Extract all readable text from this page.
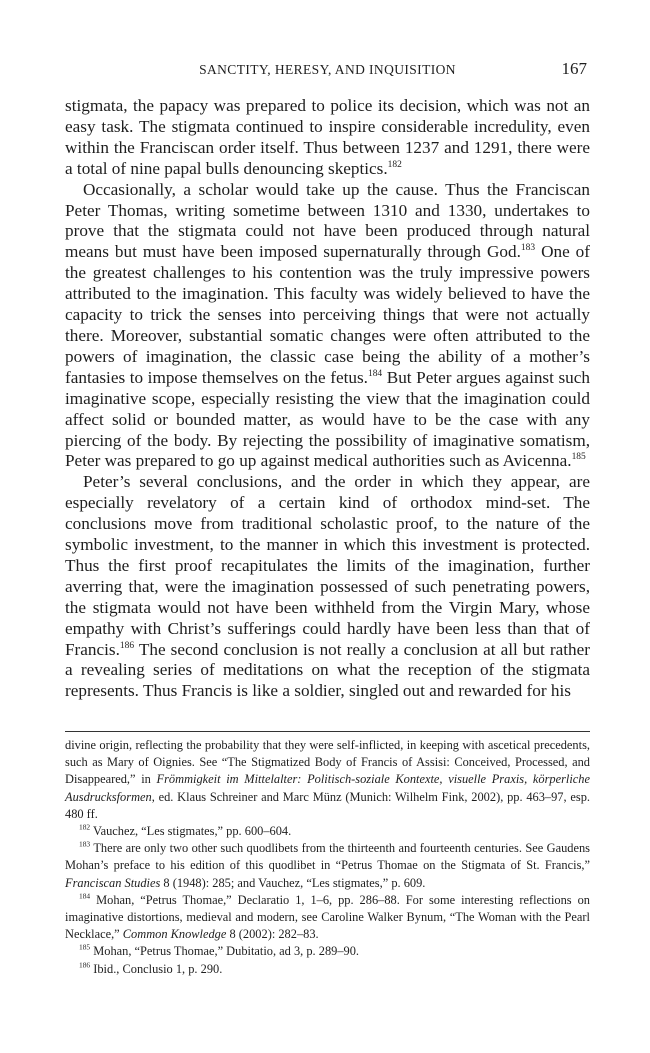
SANCTITY, HERESY, AND INQUISITION	167

stigmata, the papacy was prepared to police its decision, which was not an easy task. The stigmata continued to inspire considerable incredulity, even within the Franciscan order itself. Thus between 1237 and 1291, there were a total of nine papal bulls denouncing skeptics.$^{182}$

Occasionally, a scholar would take up the cause. Thus the Franciscan Peter Thomas, writing sometime between 1310 and 1330, undertakes to prove that the stigmata could not have been produced through natural means but must have been imposed supernaturally through God.$^{183}$ One of the greatest challenges to his contention was the truly impressive powers attributed to the imagination. This faculty was widely believed to have the capacity to trick the senses into perceiving things that were not actually there. Moreover, substantial somatic changes were often attributed to the powers of imagination, the classic case being the ability of a mother’s fantasies to impose themselves on the fetus.$^{184}$ But Peter argues against such imaginative scope, especially resisting the view that the imagination could affect solid or bounded matter, as would have to be the case with any piercing of the body. By rejecting the possibility of imaginative somatism, Peter was prepared to go up against medical authorities such as Avicenna.$^{185}$

Peter’s several conclusions, and the order in which they appear, are especially revelatory of a certain kind of orthodox mind-set. The conclusions move from traditional scholastic proof, to the nature of the symbolic investment, to the manner in which this investment is protected. Thus the first proof recapitulates the limits of the imagination, further averring that, were the imagination possessed of such penetrating powers, the stigmata would not have been withheld from the Virgin Mary, whose empathy with Christ’s sufferings could hardly have been less than that of Francis.$^{186}$ The second conclusion is not really a conclusion at all but rather a revealing series of meditations on what the reception of the stigmata represents. Thus Francis is like a soldier, singled out and rewarded for his

divine origin, reflecting the probability that they were self-inflicted, in keeping with ascetical precedents, such as Mary of Oignies. See “The Stigmatized Body of Francis of Assisi: Conceived, Processed, and Disappeared,” in Frömmigkeit im Mittelalter: Politisch-soziale Kontexte, visuelle Praxis, körperliche Ausdrucksformen, ed. Klaus Schreiner and Marc Münz (Munich: Wilhelm Fink, 2002), pp. 463–97, esp. 480 ff.

$^{182}$ Vauchez, “Les stigmates,” pp. 600–604.

$^{183}$ There are only two other such quodlibets from the thirteenth and fourteenth centuries. See Gaudens Mohan’s preface to his edition of this quodlibet in “Petrus Thomae on the Stigmata of St. Francis,” Franciscan Studies 8 (1948): 285; and Vauchez, “Les stigmates,” p. 609.

$^{184}$ Mohan, “Petrus Thomae,” Declaratio 1, 1–6, pp. 286–88. For some interesting reflections on imaginative distortions, medieval and modern, see Caroline Walker Bynum, “The Woman with the Pearl Necklace,” Common Knowledge 8 (2002): 282–83.

$^{185}$ Mohan, “Petrus Thomae,” Dubitatio, ad 3, p. 289–90.

$^{186}$ Ibid., Conclusio 1, p. 290.
